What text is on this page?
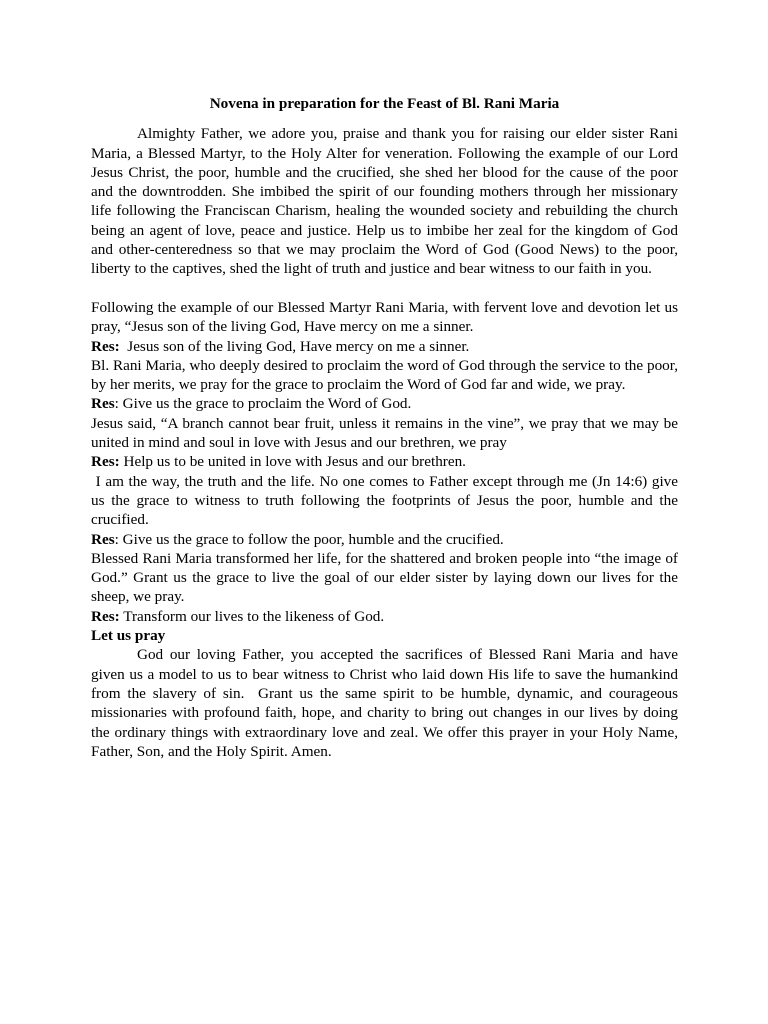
Novena in preparation for the Feast of Bl. Rani Maria

Almighty Father, we adore you, praise and thank you for raising our elder sister Rani Maria, a Blessed Martyr, to the Holy Alter for veneration. Following the example of our Lord Jesus Christ, the poor, humble and the crucified, she shed her blood for the cause of the poor and the downtrodden. She imbibed the spirit of our founding mothers through her missionary life following the Franciscan Charism, healing the wounded society and rebuilding the church being an agent of love, peace and justice. Help us to imbibe her zeal for the kingdom of God and other-centeredness so that we may proclaim the Word of God (Good News) to the poor, liberty to the captives, shed the light of truth and justice and bear witness to our faith in you.

Following the example of our Blessed Martyr Rani Maria, with fervent love and devotion let us pray, “Jesus son of the living God, Have mercy on me a sinner.

Res:  Jesus son of the living God, Have mercy on me a sinner.

Bl. Rani Maria, who deeply desired to proclaim the word of God through the service to the poor, by her merits, we pray for the grace to proclaim the Word of God far and wide, we pray.

Res: Give us the grace to proclaim the Word of God.

Jesus said, “A branch cannot bear fruit, unless it remains in the vine”, we pray that we may be united in mind and soul in love with Jesus and our brethren, we pray

Res: Help us to be united in love with Jesus and our brethren.

I am the way, the truth and the life. No one comes to Father except through me (Jn 14:6) give us the grace to witness to truth following the footprints of Jesus the poor, humble and the crucified.

Res: Give us the grace to follow the poor, humble and the crucified.

Blessed Rani Maria transformed her life, for the shattered and broken people into “the image of God.” Grant us the grace to live the goal of our elder sister by laying down our lives for the sheep, we pray.

Res: Transform our lives to the likeness of God.

Let us pray

God our loving Father, you accepted the sacrifices of Blessed Rani Maria and have given us a model to us to bear witness to Christ who laid down His life to save the humankind from the slavery of sin.  Grant us the same spirit to be humble, dynamic, and courageous missionaries with profound faith, hope, and charity to bring out changes in our lives by doing the ordinary things with extraordinary love and zeal. We offer this prayer in your Holy Name, Father, Son, and the Holy Spirit. Amen.
